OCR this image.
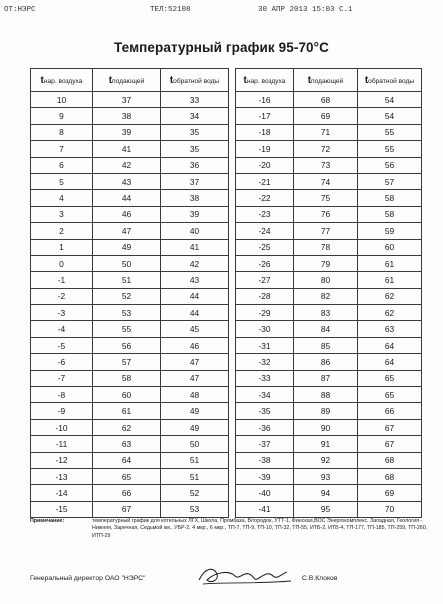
ОТ:НЭРС	ТЕЛ:52108	30 АПР 2013 15:03 С.1
Температурный график 95-70°С
tнар. воздуха	tподающей	tобратной воды
10	37	33
9	38	34
8	39	35
7	41	35
6	42	36
5	43	37
4	44	38
3	46	39
2	47	40
1	49	41
0	50	42
-1	51	43
-2	52	44
-3	53	44
-4	55	45
-5	56	46
-6	57	47
-7	58	47
-8	60	48
-9	61	49
-10	62	49
-11	63	50
-12	64	51
-13	65	51
-14	66	52
-15	67	53
tнар. воздуха	tподающей	tобратной воды
-16	68	54
-17	69	54
-18	71	55
-19	72	55
-20	73	56
-21	74	57
-22	75	58
-23	76	58
-24	77	59
-25	78	60
-26	79	61
-27	80	61
-28	82	62
-29	83	62
-30	84	63
-31	85	64
-32	86	64
-33	87	65
-34	88	65
-35	89	66
-36	90	67
-37	91	67
-38	92	68
-39	93	68
-40	94	69
-41	95	70
Примечание:	температурный график для котельных ЛГХ, Школа, Промбаза, В/городок, УТТ-1, Финская,ВОС Энергокомплекс, Западная, Геология - Нижняя, Заречная, Седьмой км., УБР-2, 4 мкр., 6 мкр., ТП-7, ТП-9, ТП-10, ТП-32, ТП-55, ИТБ-2, ИТБ-4, ТП-177, ТП-185, ТП-259, ТП-260, ИТП-29
Генеральный директор ОАО "НЭРС"	С.В.Клоков
